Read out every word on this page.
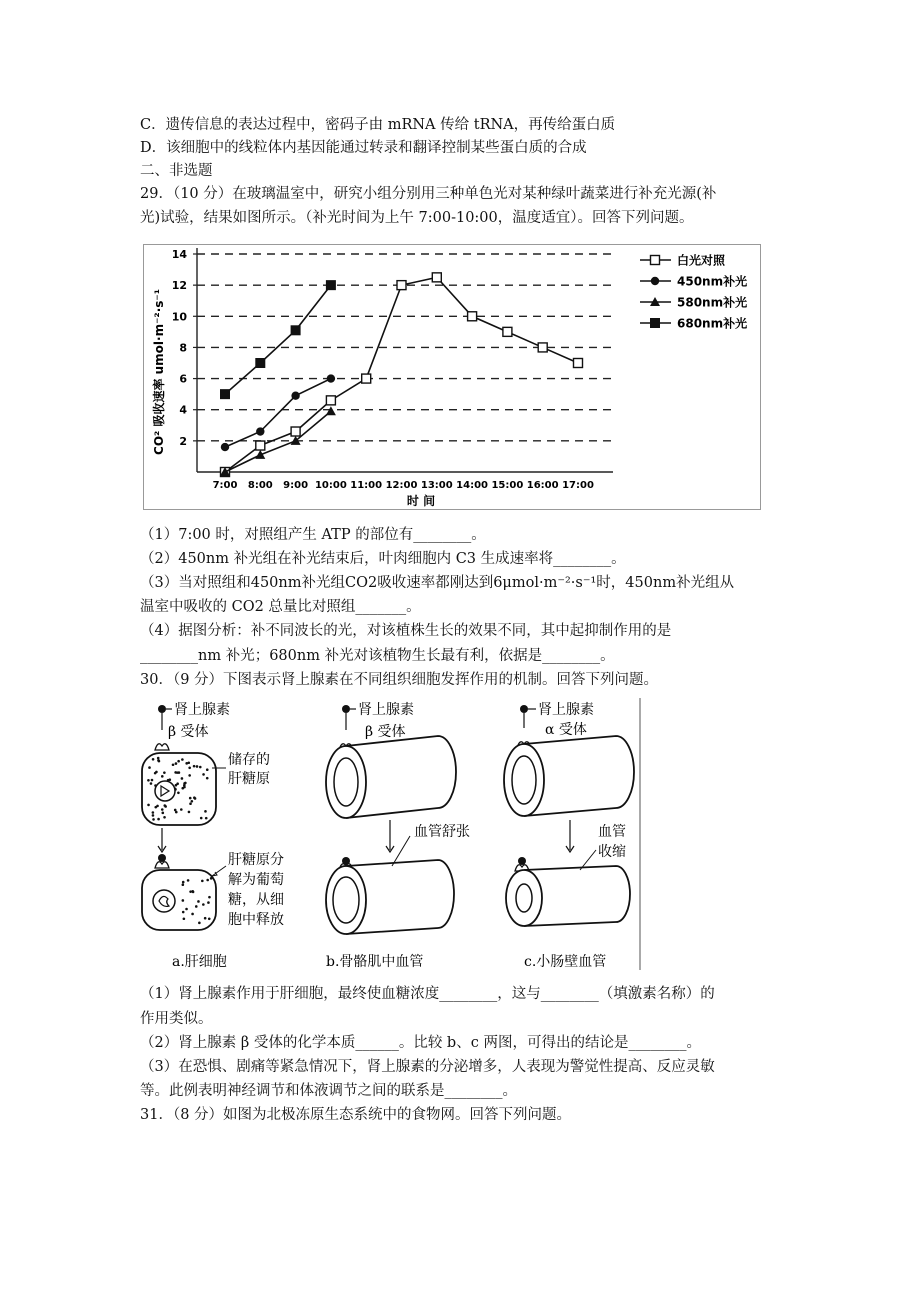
C．遗传信息的表达过程中，密码子由 mRNA 传给 tRNA，再传给蛋白质
D．该细胞中的线粒体内基因能通过转录和翻译控制某些蛋白质的合成
二、非选题
29．（10 分）在玻璃温室中，研究小组分别用三种单色光对某种绿叶蔬菜进行补充光源(补
光)试验，结果如图所示。（补光时间为上午 7:00-10:00，温度适宜）。回答下列问题。
7:00 8:00 9:00 10:00 11:00 12:00 13:00 14:00 15:00 16:00 17:00
2
4
6
8
10
12
14	白光对照
450nm补光
580nm补光
680nm补光
CO² 吸收速率 umol·m⁻²·s⁻¹
时 间
（1）7:00 时，对照组产生 ATP 的部位有________。
（2）450nm 补光组在补光结束后，叶肉细胞内 C3 生成速率将________。
（3）当对照组和450nm补光组CO2吸收速率都刚达到6μmol·m⁻²·s⁻¹时，450nm补光组从
温室中吸收的 CO2 总量比对照组_______。
（4）据图分析：补不同波长的光，对该植株生长的效果不同，其中起抑制作用的是
________nm 补光；680nm 补光对该植物生长最有利，依据是________。
30．（9 分）下图表示肾上腺素在不同组织细胞发挥作用的机制。回答下列问题。
肾上腺素
β 受体
储存的
肝糖原
肝糖原分
解为葡萄
糖，从细
胞中释放
a.肝细胞
肾上腺素
β 受体
血管舒张
b.骨骼肌中血管
肾上腺素
α 受体
血管
收缩
c.小肠壁血管
（1）肾上腺素作用于肝细胞，最终使血糖浓度________，这与________（填激素名称）的
作用类似。
（2）肾上腺素 β 受体的化学本质______。比较 b、c 两图，可得出的结论是________。
（3）在恐惧、剧痛等紧急情况下，肾上腺素的分泌增多，人表现为警觉性提高、反应灵敏
等。此例表明神经调节和体液调节之间的联系是________。
31．（8 分）如图为北极冻原生态系统中的食物网。回答下列问题。
